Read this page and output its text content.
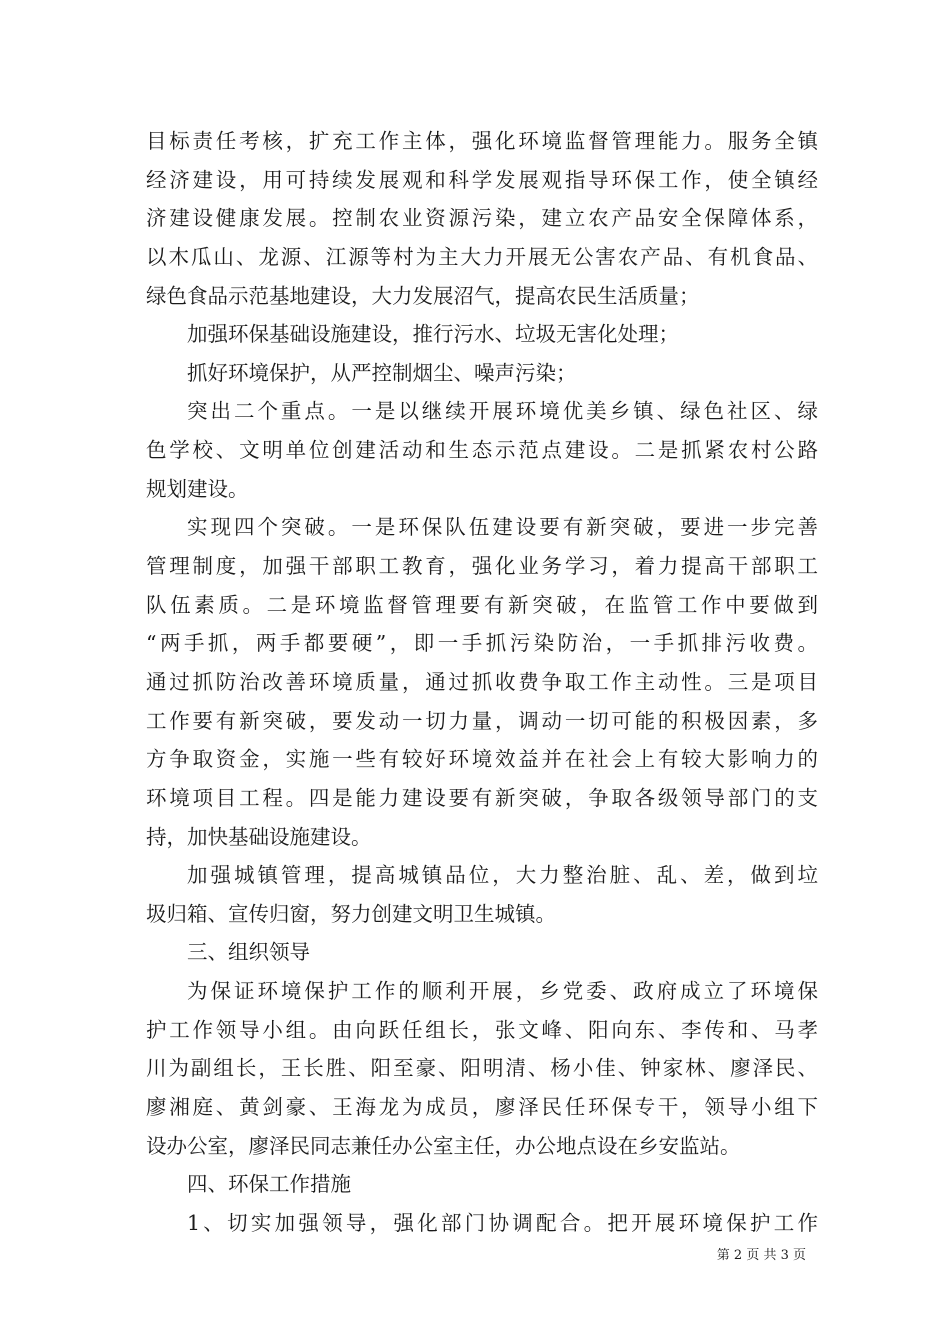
目标责任考核，扩充工作主体，强化环境监督管理能力。服务全镇
经济建设，用可持续发展观和科学发展观指导环保工作，使全镇经
济建设健康发展。控制农业资源污染，建立农产品安全保障体系，
以木瓜山、龙源、江源等村为主大力开展无公害农产品、有机食品、
绿色食品示范基地建设，大力发展沼气，提高农民生活质量；
加强环保基础设施建设，推行污水、垃圾无害化处理；
抓好环境保护，从严控制烟尘、噪声污染；
突出二个重点。一是以继续开展环境优美乡镇、绿色社区、绿
色学校、文明单位创建活动和生态示范点建设。二是抓紧农村公路
规划建设。
实现四个突破。一是环保队伍建设要有新突破，要进一步完善
管理制度，加强干部职工教育，强化业务学习，着力提高干部职工
队伍素质。二是环境监督管理要有新突破，在监管工作中要做到
“两手抓，两手都要硬”，即一手抓污染防治，一手抓排污收费。
通过抓防治改善环境质量，通过抓收费争取工作主动性。三是项目
工作要有新突破，要发动一切力量，调动一切可能的积极因素，多
方争取资金，实施一些有较好环境效益并在社会上有较大影响力的
环境项目工程。四是能力建设要有新突破，争取各级领导部门的支
持，加快基础设施建设。
加强城镇管理，提高城镇品位，大力整治脏、乱、差，做到垃
圾归箱、宣传归窗，努力创建文明卫生城镇。
三、组织领导
为保证环境保护工作的顺利开展，乡党委、政府成立了环境保
护工作领导小组。由向跃任组长，张文峰、阳向东、李传和、马孝
川为副组长，王长胜、阳至豪、阳明清、杨小佳、钟家林、廖泽民、
廖湘庭、黄剑豪、王海龙为成员，廖泽民任环保专干，领导小组下
设办公室，廖泽民同志兼任办公室主任，办公地点设在乡安监站。
四、环保工作措施
1、切实加强领导，强化部门协调配合。把开展环境保护工作
第 2 页 共 3 页
